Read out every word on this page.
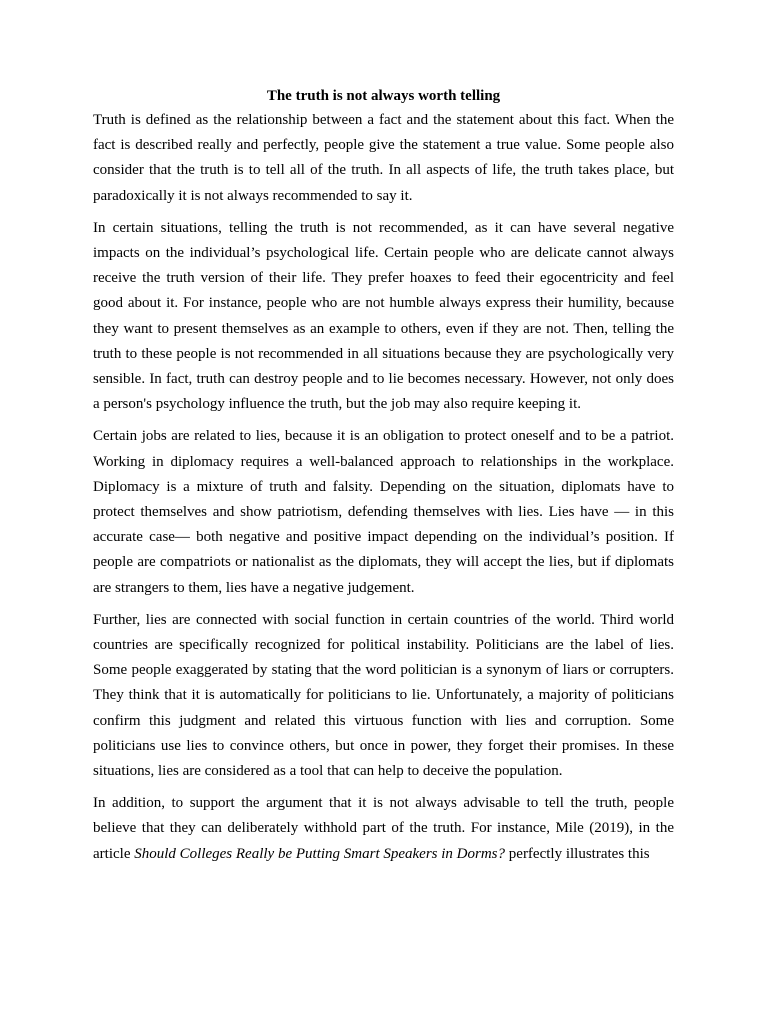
The truth is not always worth telling

Truth is defined as the relationship between a fact and the statement about this fact. When the fact is described really and perfectly, people give the statement a true value. Some people also consider that the truth is to tell all of the truth. In all aspects of life, the truth takes place, but paradoxically it is not always recommended to say it.

In certain situations, telling the truth is not recommended, as it can have several negative impacts on the individual’s psychological life. Certain people who are delicate cannot always receive the truth version of their life. They prefer hoaxes to feed their egocentricity and feel good about it. For instance, people who are not humble always express their humility, because they want to present themselves as an example to others, even if they are not. Then, telling the truth to these people is not recommended in all situations because they are psychologically very sensible. In fact, truth can destroy people and to lie becomes necessary. However, not only does a person's psychology influence the truth, but the job may also require keeping it.

Certain jobs are related to lies, because it is an obligation to protect oneself and to be a patriot. Working in diplomacy requires a well-balanced approach to relationships in the workplace. Diplomacy is a mixture of truth and falsity. Depending on the situation, diplomats have to protect themselves and show patriotism, defending themselves with lies. Lies have — in this accurate case— both negative and positive impact depending on the individual’s position. If people are compatriots or nationalist as the diplomats, they will accept the lies, but if diplomats are strangers to them, lies have a negative judgement.

Further, lies are connected with social function in certain countries of the world. Third world countries are specifically recognized for political instability. Politicians are the label of lies. Some people exaggerated by stating that the word politician is a synonym of liars or corrupters. They think that it is automatically for politicians to lie. Unfortunately, a majority of politicians confirm this judgment and related this virtuous function with lies and corruption. Some politicians use lies to convince others, but once in power, they forget their promises. In these situations, lies are considered as a tool that can help to deceive the population.

In addition, to support the argument that it is not always advisable to tell the truth, people believe that they can deliberately withhold part of the truth. For instance, Mile (2019), in the article Should Colleges Really be Putting Smart Speakers in Dorms? perfectly illustrates this
